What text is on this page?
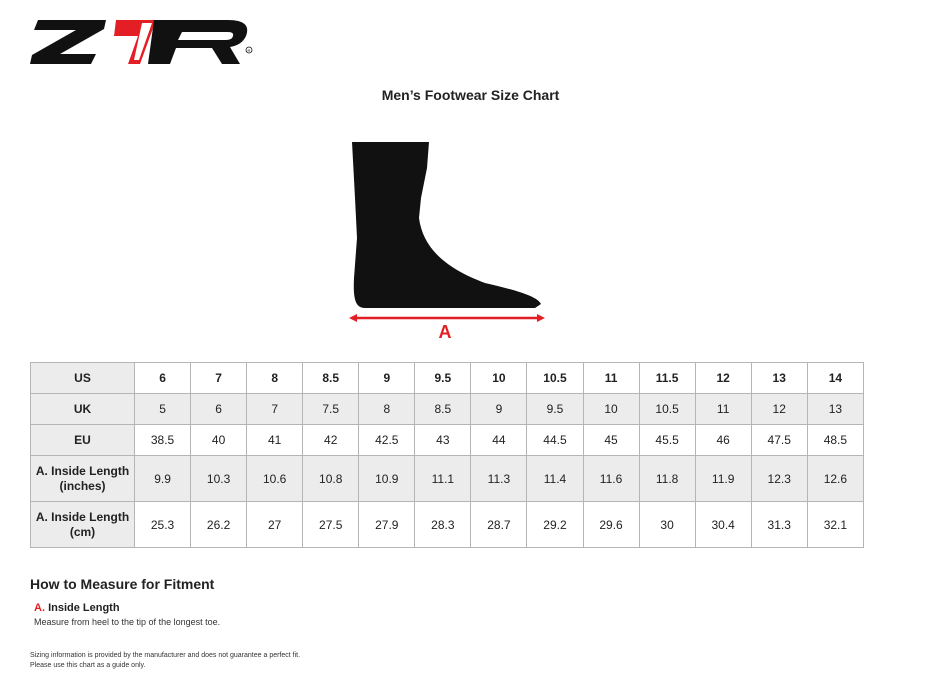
R
Men’s Footwear Size Chart
A
US	6	7	8	8.5	9	9.5	10	10.5	11	11.5	12	13	14
UK	5	6	7	7.5	8	8.5	9	9.5	10	10.5	11	12	13
EU	38.5	40	41	42	42.5	43	44	44.5	45	45.5	46	47.5	48.5
A. Inside Length (inches)	9.9	10.3	10.6	10.8	10.9	11.1	11.3	11.4	11.6	11.8	11.9	12.3	12.6
A. Inside Length (cm)	25.3	26.2	27	27.5	27.9	28.3	28.7	29.2	29.6	30	30.4	31.3	32.1
How to Measure for Fitment
A. Inside Length
Measure from heel to the tip of the longest toe.
Sizing information is provided by the manufacturer and does not guarantee a perfect fit.
Please use this chart as a guide only.
